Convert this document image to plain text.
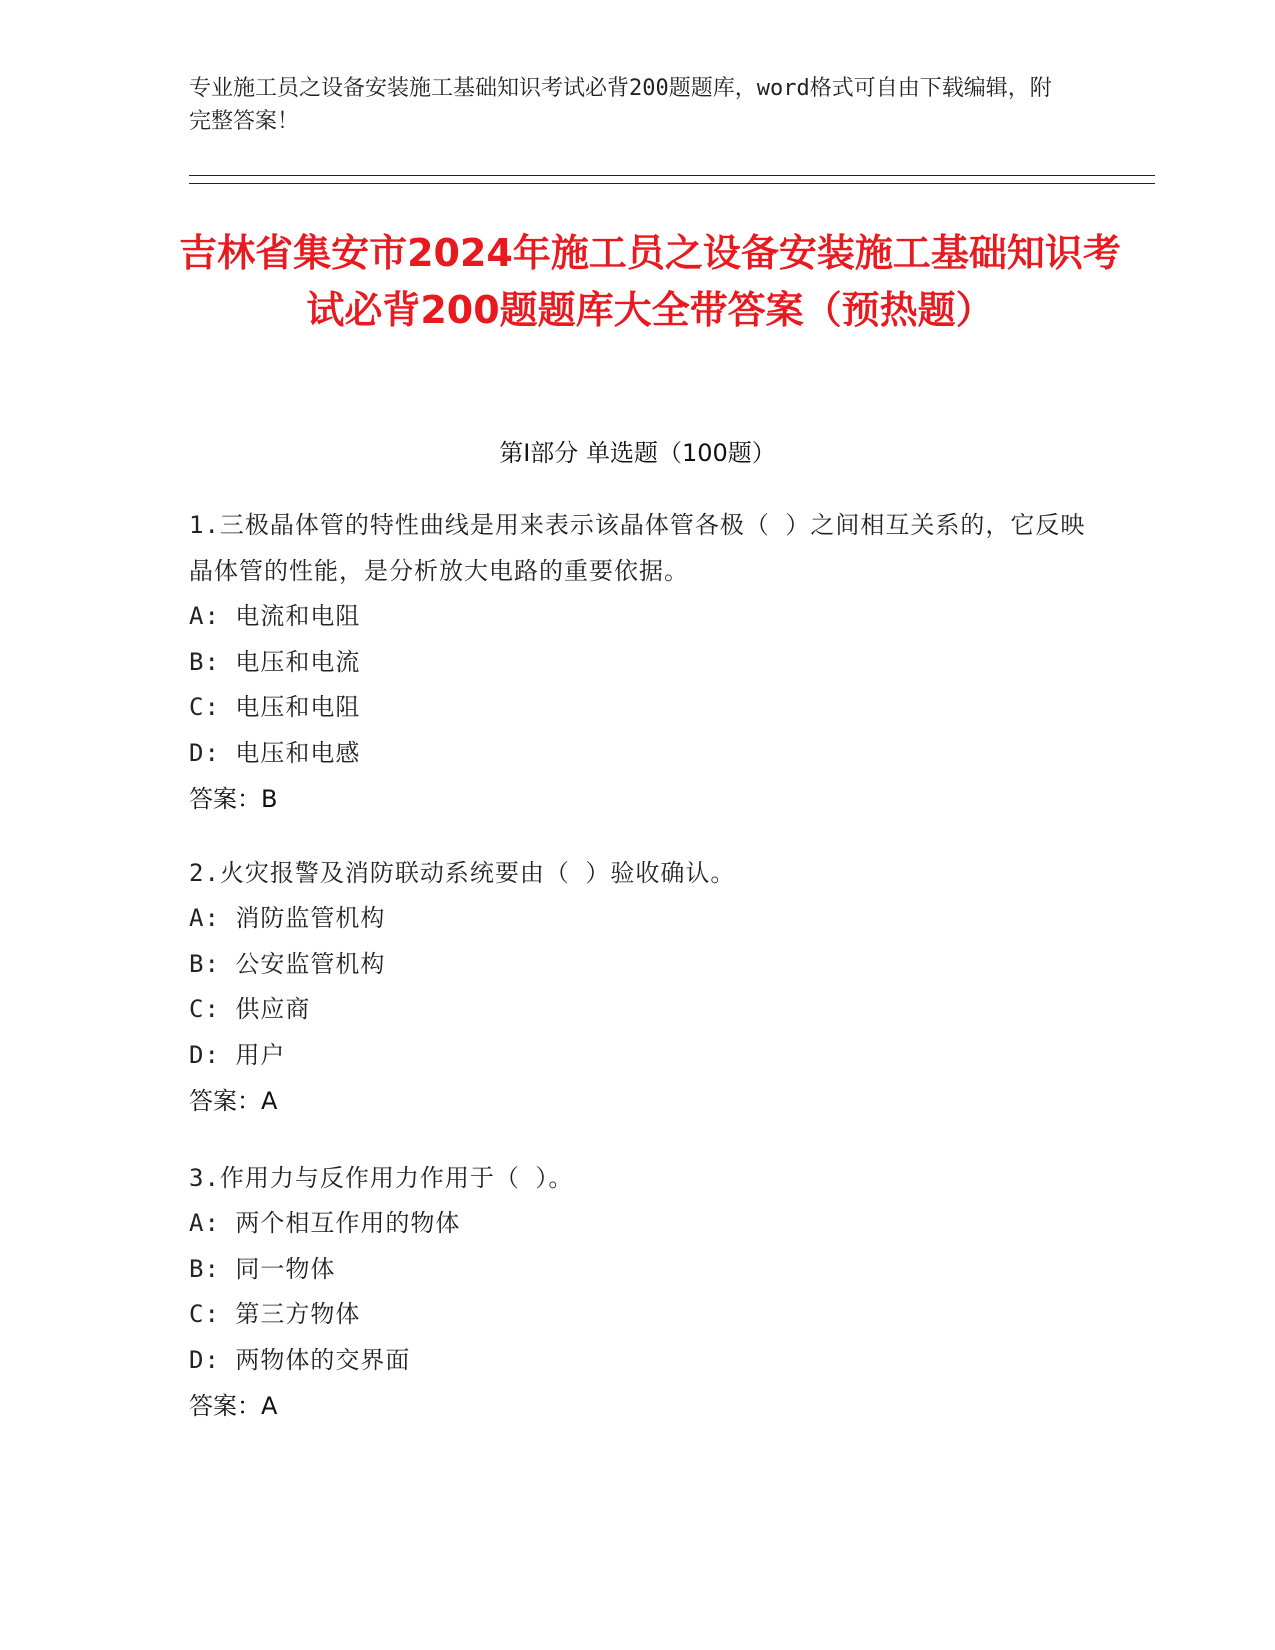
专业施工员之设备安装施工基础知识考试必背200题题库，word格式可自由下载编辑，附完整答案！
吉林省集安市2024年施工员之设备安装施工基础知识考试必背200题题库大全带答案（预热题）
第I部分 单选题（100题）
1.三极晶体管的特性曲线是用来表示该晶体管各极（ ）之间相互关系的，它反映晶体管的性能，是分析放大电路的重要依据。
A: 电流和电阻
B: 电压和电流
C: 电压和电阻
D: 电压和电感
答案：B
2.火灾报警及消防联动系统要由（ ）验收确认。
A: 消防监管机构
B: 公安监管机构
C: 供应商
D: 用户
答案：A
3.作用力与反作用力作用于（ ）。
A: 两个相互作用的物体
B: 同一物体
C: 第三方物体
D: 两物体的交界面
答案：A
